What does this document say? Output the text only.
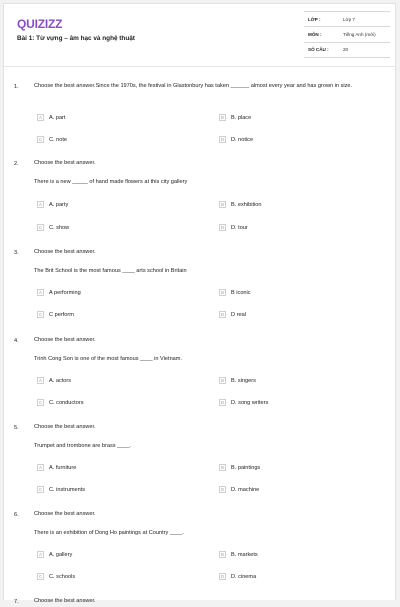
QUIZIZZ
Bài 1: Từ vựng – âm hạc và nghệ thuật
LỚP :	Lớp 7
MÔN :	Tiếng Anh (mới)
SỐ CÂU :	20
1.	Choose the best answer.Since the 1970s, the festival in Glastonbury has taken ______ almost every year and has grown in size.
A	A. part	B	B. place
C	C. note	D	D. notice
2.	Choose the best answer.
There is a new _____ of hand made flowers at this city gallery
A	A. party	B	B. exhibition
C	C. show	D	D. tour
3.	Choose the best answer.
The Brit School is the most famous ____ arts school in Britain
A	A performing	B	B iconic
C	C perform	D	D real
4.	Choose the best answer.
Trinh Cong Son is one of the most famous ____ in Vietnam.
A	A. actors	B	B. singers
C	C. conductors	D	D. song writers
5.	Choose the best answer.
Trumpet and trombone are brass ____.
A	A. furniture	B	B. paintings
C	C. instruments	D	D. machine
6.	Choose the best answer.
There is an exhibition of Dong Ho paintings at Country ____.
A	A. gallery	B	B. markets
C	C. schools	D	D. cinema
7.	Choose the best answer.
